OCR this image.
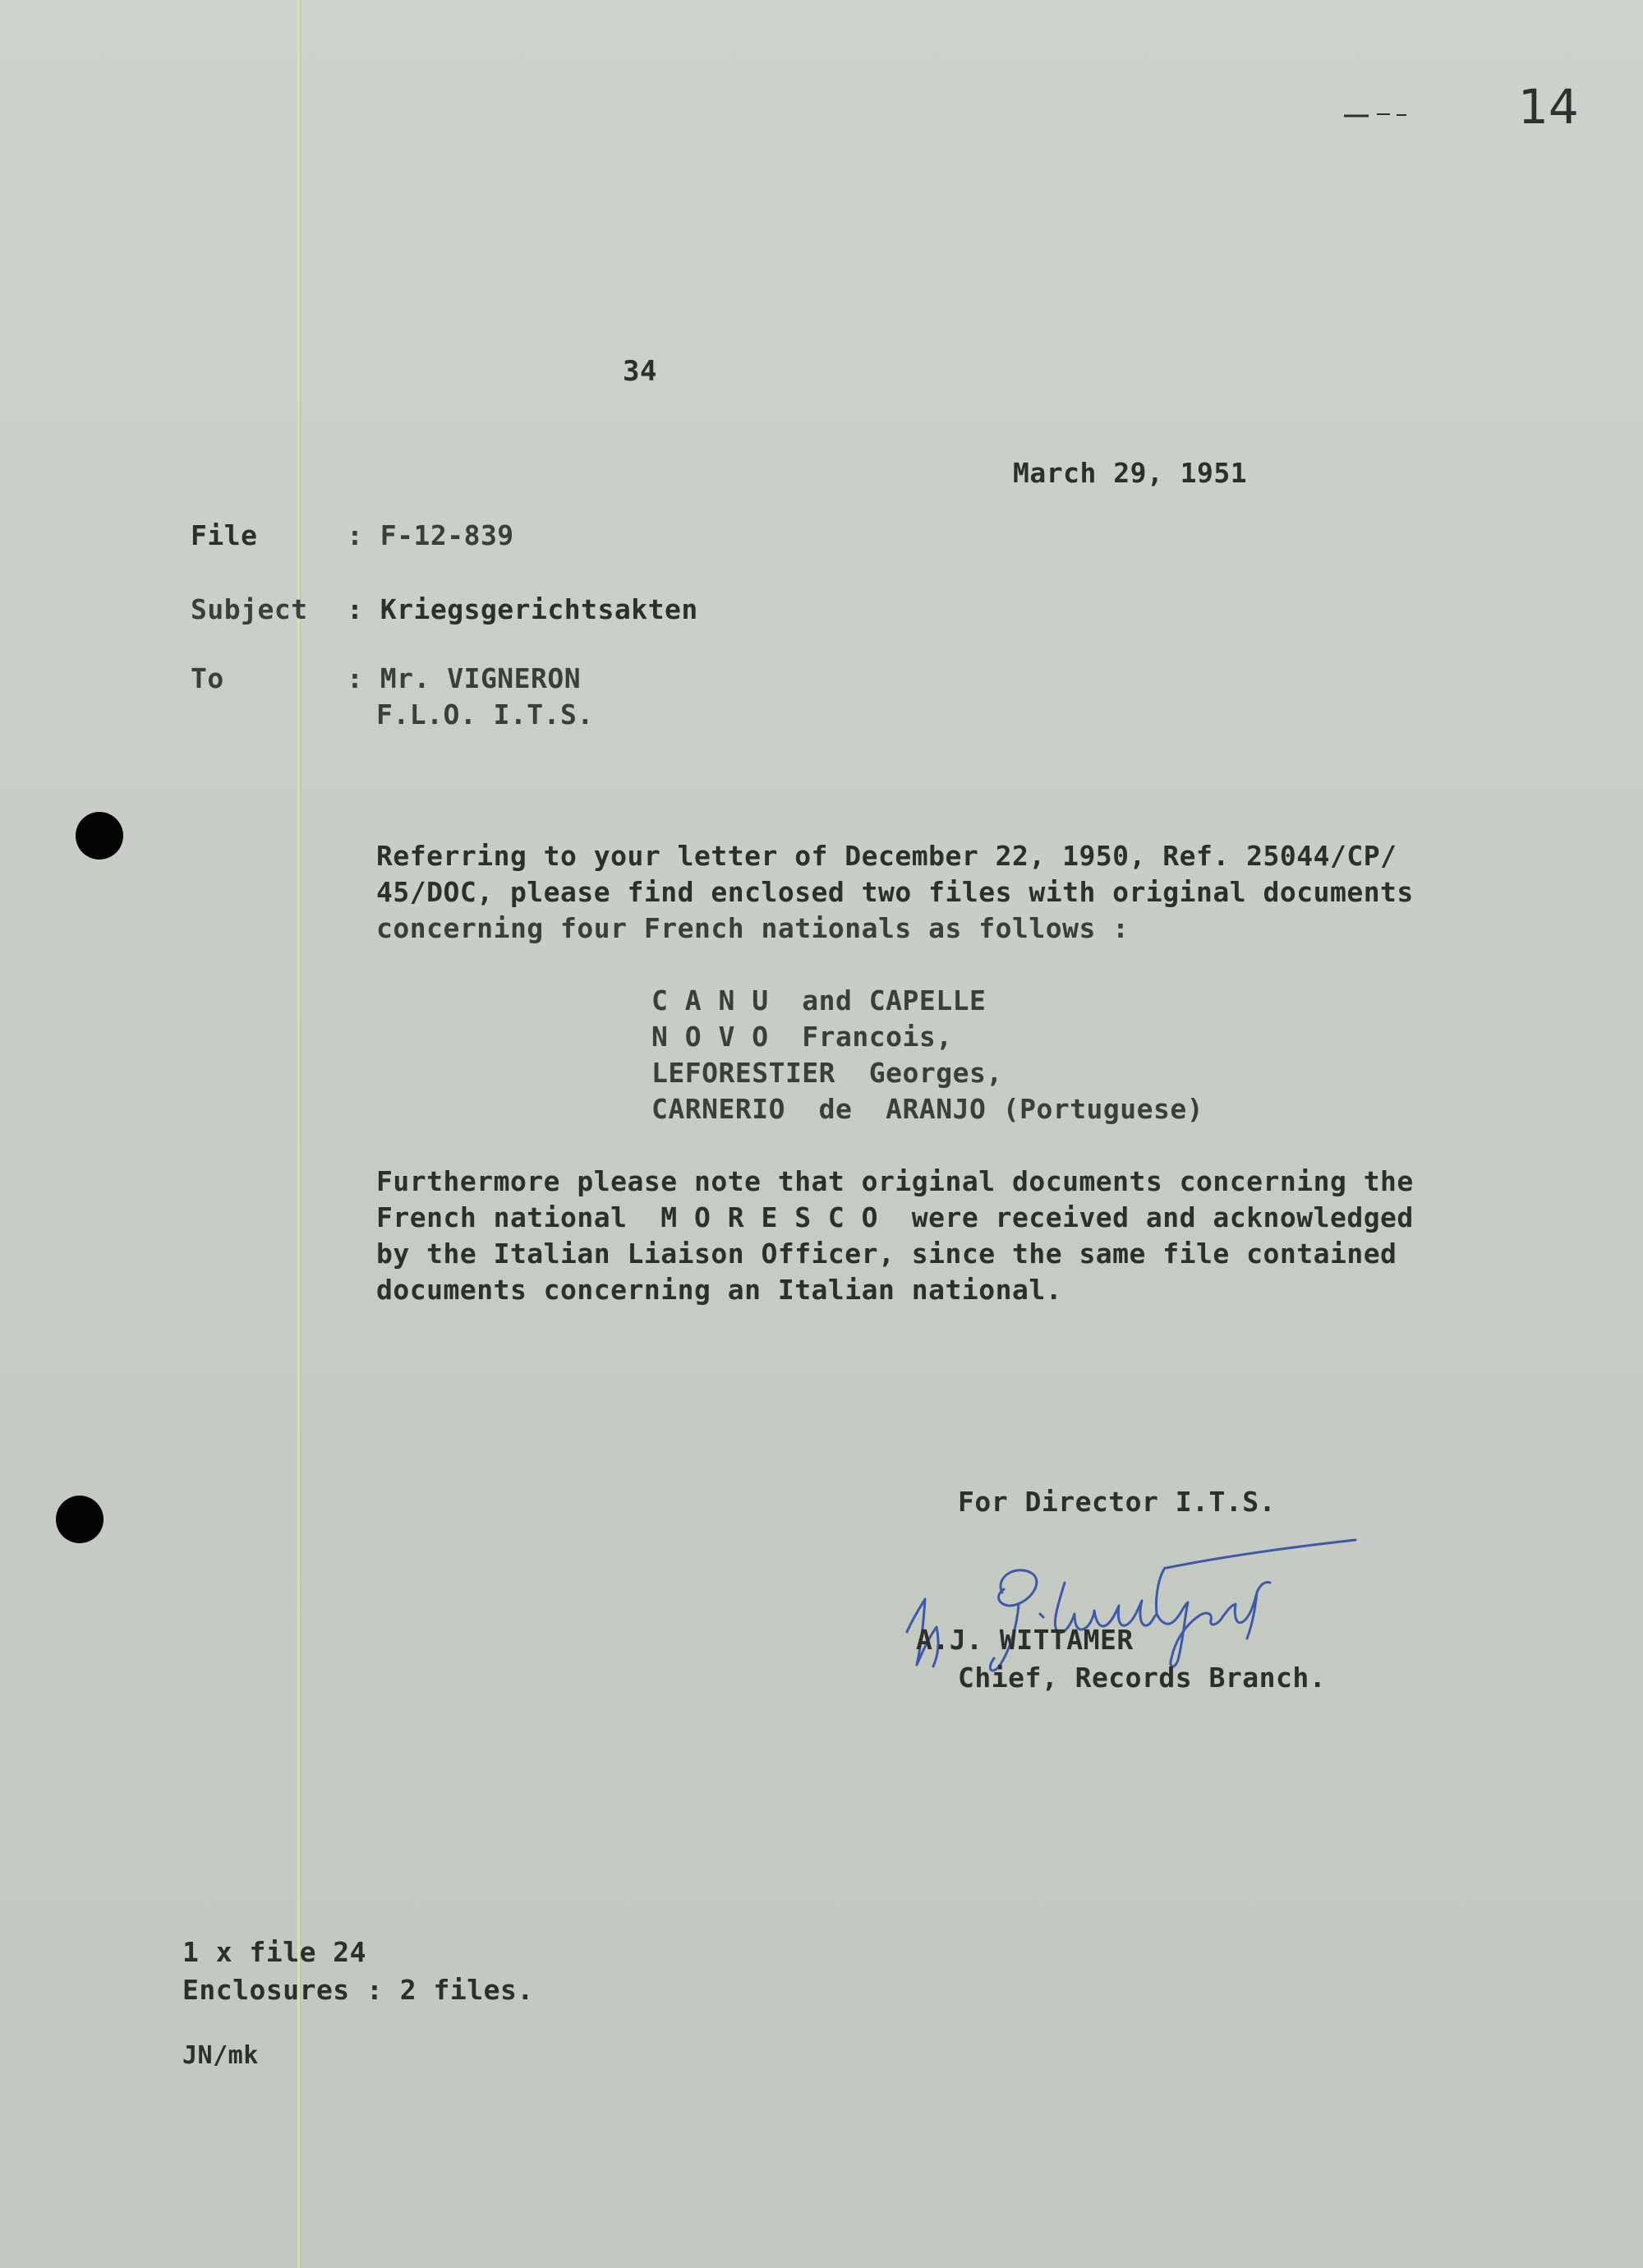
14
34
March 29, 1951
File	: F-12-839
Subject : Kriegsgerichtsakten
To	: Mr. VIGNERON
F.L.O. I.T.S.
Referring to your letter of December 22, 1950, Ref. 25044/CP/
45/DOC, please find enclosed two files with original documents
concerning four French nationals as follows :
C A N U  and CAPELLE
N O V O  Francois,
LEFORESTIER  Georges,
CARNERIO  de  ARANJO (Portuguese)
Furthermore please note that original documents concerning the
French national  M O R E S C O  were received and acknowledged
by the Italian Liaison Officer, since the same file contained
documents concerning an Italian national.
For Director I.T.S.
A.J. WITTAMER
Chief, Records Branch.
1 x file 24
Enclosures : 2 files.
JN/mk
